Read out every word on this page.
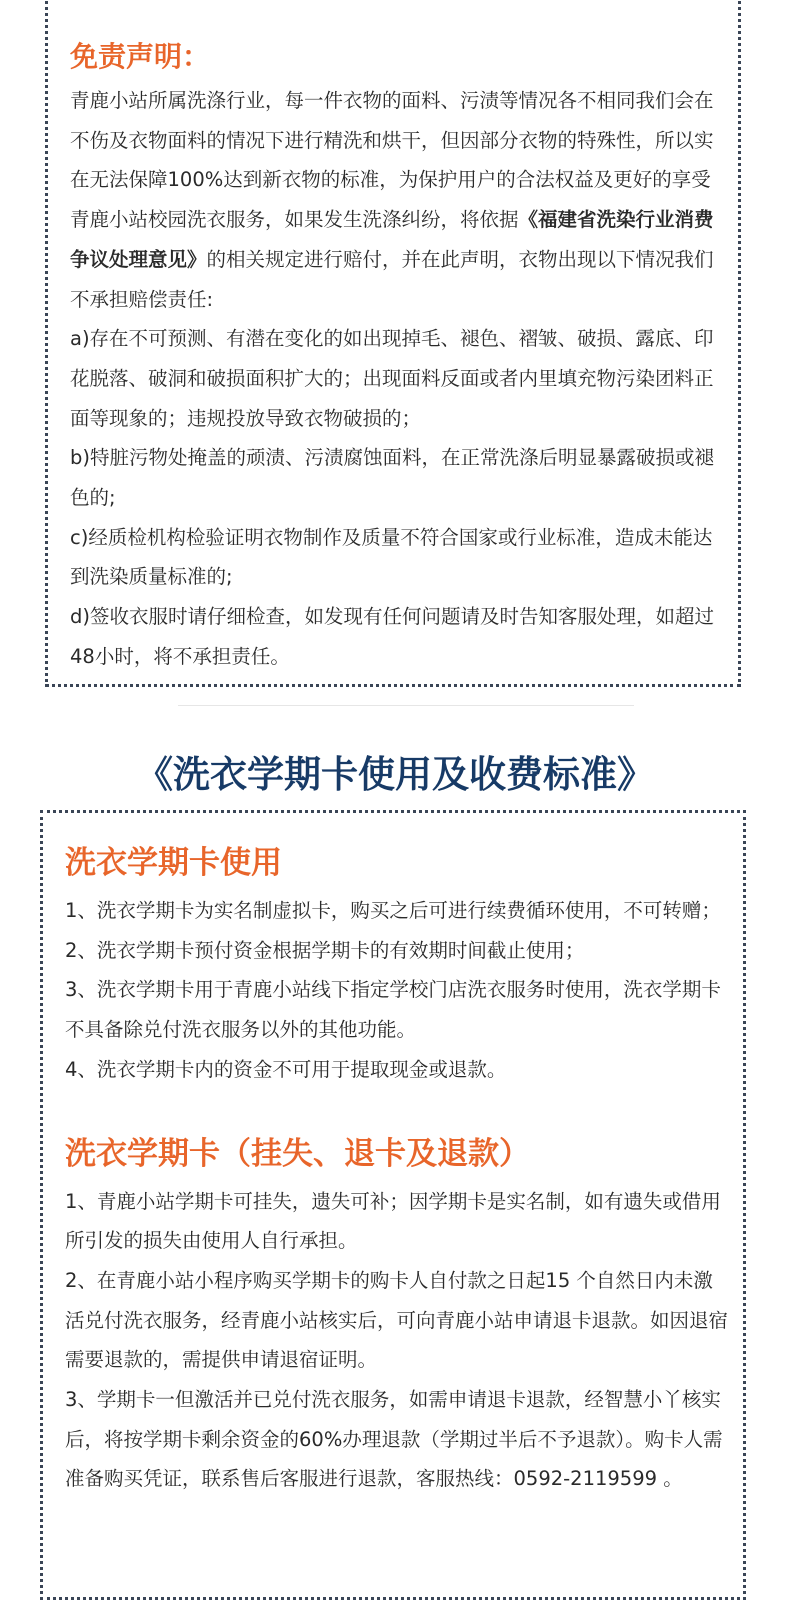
免责声明：

青鹿小站所属洗涤行业，每一件衣物的面料、污渍等情况各不相同我们会在不伤及衣物面料的情况下进行精洗和烘干，但因部分衣物的特殊性，所以实在无法保障100%达到新衣物的标准，为保护用户的合法权益及更好的享受青鹿小站校园洗衣服务，如果发生洗涤纠纷，将依据《福建省洗染行业消费争议处理意见》的相关规定进行赔付，并在此声明，衣物出现以下情况我们不承担赔偿责任:

a)存在不可预测、有潜在变化的如出现掉毛、褪色、褶皱、破损、露底、印花脱落、破洞和破损面积扩大的；出现面料反面或者内里填充物污染团料正面等现象的；违规投放导致衣物破损的；

b)特脏污物处掩盖的顽渍、污渍腐蚀面料，在正常洗涤后明显暴露破损或褪色的;

c)经质检机构检验证明衣物制作及质量不符合国家或行业标准，造成未能达到洗染质量标准的;

d)签收衣服时请仔细检查，如发现有任何问题请及时告知客服处理，如超过48小时，将不承担责任。

《洗衣学期卡使用及收费标准》
洗衣学期卡使用

1、洗衣学期卡为实名制虚拟卡，购买之后可进行续费循环使用，不可转赠；

2、洗衣学期卡预付资金根据学期卡的有效期时间截止使用；

3、洗衣学期卡用于青鹿小站线下指定学校门店洗衣服务时使用，洗衣学期卡不具备除兑付洗衣服务以外的其他功能。

4、洗衣学期卡内的资金不可用于提取现金或退款。

洗衣学期卡（挂失、退卡及退款）

1、青鹿小站学期卡可挂失，遗失可补；因学期卡是实名制，如有遗失或借用所引发的损失由使用人自行承担。

2、在青鹿小站小程序购买学期卡的购卡人自付款之日起15 个自然日内未激活兑付洗衣服务，经青鹿小站核实后，可向青鹿小站申请退卡退款。如因退宿需要退款的，需提供申请退宿证明。

3、学期卡一但激活并已兑付洗衣服务，如需申请退卡退款，经智慧小丫核实后，将按学期卡剩余资金的60%办理退款（学期过半后不予退款）。购卡人需准备购买凭证，联系售后客服进行退款，客服热线：0592-2119599 。
